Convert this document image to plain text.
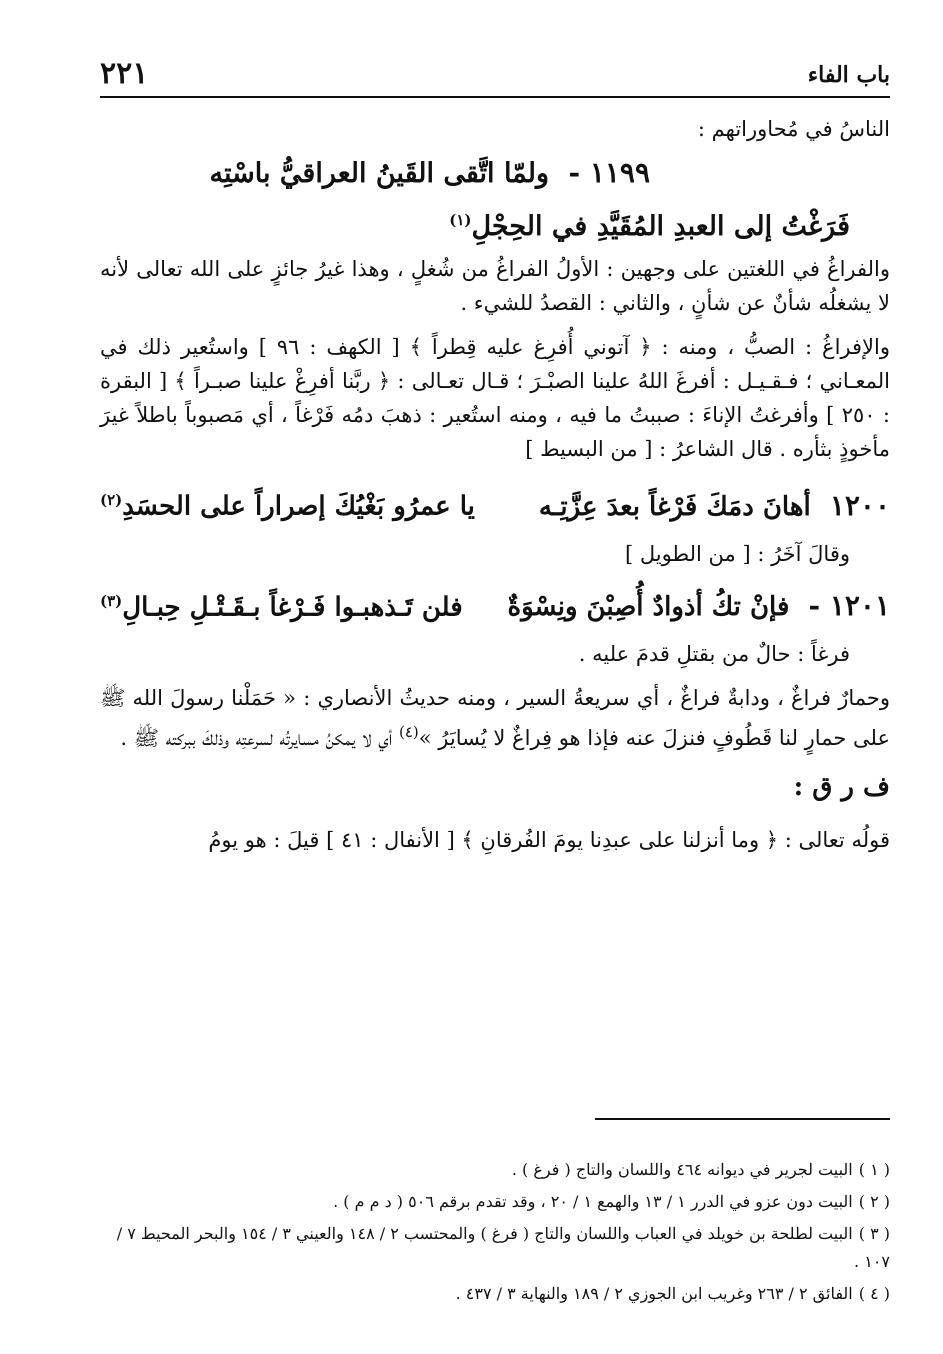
باب الفاء
٢٢١

الناسُ في مُحاوراتهم :

١١٩٩ - ولمّا اتَّقى القَينُ العراقيُّ باسْتِه
فَرَغْتُ إلى العبدِ المُقَيَّدِ في الحِجْلِ$^{(١)}$

والفراغُ في اللغتين على وجهين : الأولُ الفراغُ من شُغلٍ ، وهذا غيرُ جائزٍ على الله تعالى لأنه لا يشغلُه شأنٌ عن شأنٍ ، والثاني : القصدُ للشيء .

والإفراغُ : الصبُّ ، ومنه : ﴿ آتوني أُفرِغ عليه قِطراً ﴾ [ الكهف : ٩٦ ] واستُعير ذلك في المعـاني ؛ فـقـيـل : أفرغَ اللهُ علينا الصبْـرَ ؛ قـال تعـالى : ﴿ ربَّنا أفرِغْ علينا صبـراً ﴾ [ البقرة : ٢٥٠ ] وأفرغتُ الإناءَ : صببتُ ما فيه ، ومنه استُعير : ذهبَ دمُه فَرْغاً ، أي مَصبوباً باطلاً غيرَ مأخوذٍ بثأره . قال الشاعرُ : [ من البسيط ]

١٢٠٠ أهانَ دمَكَ فَرْغاً بعدَ عِزَّتِـه
يا عمرُو بَغْيُكَ إصراراً على الحسَدِ$^{(٢)}$

وقالَ آخَرُ : [ من الطويل ]

١٢٠١ - فإنْ تكُ أذوادٌ أُصِبْنَ ونِسْوَةٌ
فلن تَـذهبـوا فَـرْغاً بـقَـتْـلِ حِبـالِ$^{(٣)}$

فرغاً : حالٌ من بقتلِ قدمَ عليه .

وحمارٌ فراغٌ ، ودابةٌ فراغٌ ، أي سريعةُ السير ، ومنه حديثُ الأنصاري : « حَمَلْنا رسولَ الله ﷺ على حمارٍ لنا قَطُوفٍ فنزلَ عنه فإذا هو فِراغٌ لا يُسايَرُ »$^{(٤)}$ أي لا يمكنُ مسايرتُه لسرعتِه وذلكَ ببركته ﷺ .

ف ر ق :

قولُه تعالى : ﴿ وما أنزلنا على عبدِنا يومَ الفُرقانِ ﴾ [ الأنفال : ٤١ ] قيلَ : هو يومُ

( ١ )البيت لجرير في ديوانه ٤٦٤ واللسان والتاج ( فرغ ) .

( ٢ )البيت دون عزو في الدرر ١ / ١٣ والهمع ١ / ٢٠ ، وقد تقدم برقم ٥٠٦ ( د م م ) .

( ٣ )البيت لطلحة بن خويلد في العباب واللسان والتاج ( فرغ ) والمحتسب ٢ / ١٤٨ والعيني ٣ / ١٥٤ والبحر المحيط ٧ / ١٠٧ .

( ٤ )الفائق ٢ / ٢٦٣ وغريب ابن الجوزي ٢ / ١٨٩ والنهاية ٣ / ٤٣٧ .
